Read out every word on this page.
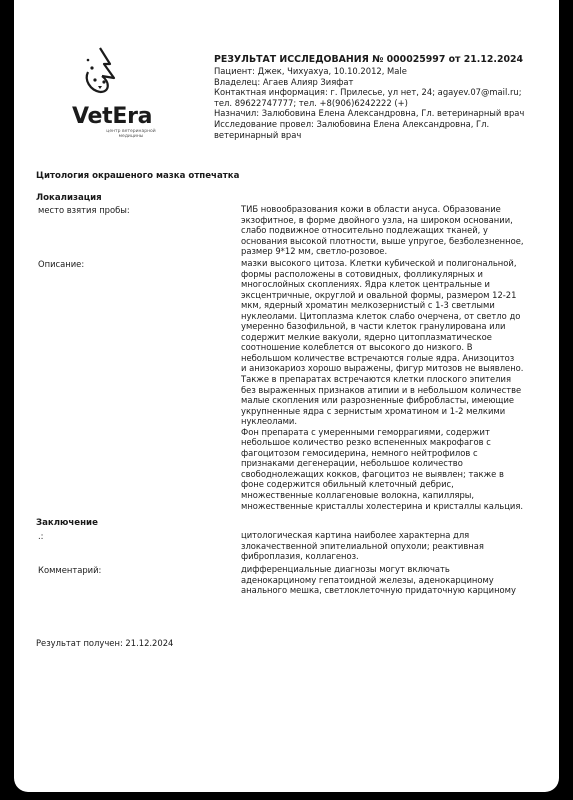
VetEra
центр ветеринарной медицины
РЕЗУЛЬТАТ ИССЛЕДОВАНИЯ № 000025997 от 21.12.2024
Пациент: Джек, Чихуахуа, 10.10.2012, Male
Владелец: Агаев Алияр Зияфат
Контактная информация: г. Прилесье, ул нет, 24; agayev.07@mail.ru;
тел. 89622747777; тел. +8(906)6242222 (+)
Назначил: Залюбовина Елена Александровна, Гл. ветеринарный врач
Исследование провел: Залюбовина Елена Александровна, Гл.
ветеринарный врач
Цитология окрашеного мазка отпечатка
Локализация
место взятия пробы:	ТИБ новообразования кожи в области ануса. Образование
экзофитное, в форме двойного узла, на широком основании,
слабо подвижное относительно подлежащих тканей, у
основания высокой плотности, выше упругое, безболезненное,
размер 9*12 мм, светло-розовое.
Описание:	мазки высокого цитоза. Клетки кубической и полигональной,
формы расположены в сотовидных, фолликулярных и
многослойных скоплениях. Ядра клеток центральные и
эксцентричные, округлой и овальной формы, размером 12-21
мкм, ядерный хроматин мелкозернистый с 1-3 светлыми
нуклеолами. Цитоплазма клеток слабо очерчена, от светло до
умеренно базофильной, в части клеток гранулирована или
содержит мелкие вакуоли, ядерно цитоплазматическое
соотношение колеблется от высокого до низкого. В
небольшом количестве встречаются голые ядра. Анизоцитоз
и анизокариоз хорошо выражены, фигур митозов не выявлено.
Также в препаратах встречаются клетки плоского эпителия
без выраженных признаков атипии и в небольшом количестве
малые скопления или разрозненные фибробласты, имеющие
укрупненные ядра с зернистым хроматином и 1-2 мелкими
нуклеолами.
Фон препарата с умеренными геморрагиями, содержит
небольшое количество резко вспененных макрофагов с
фагоцитозом гемосидерина, немного нейтрофилов с
признаками дегенерации, небольшое количество
свободнолежащих кокков, фагоцитоз не выявлен; также в
фоне содержится обильный клеточный дебрис,
множественные коллагеновые волокна, капилляры,
множественные кристаллы холестерина и кристаллы кальция.
Заключение
.:	цитологическая картина наиболее характерна для
злокачественной эпителиальной опухоли; реактивная
фиброплазия, коллагеноз.
Комментарий:	дифференциальные диагнозы могут включать
аденокарциному гепатоидной железы, аденокарциному
анального мешка, светлоклеточную придаточную карциному
Результат получен: 21.12.2024
